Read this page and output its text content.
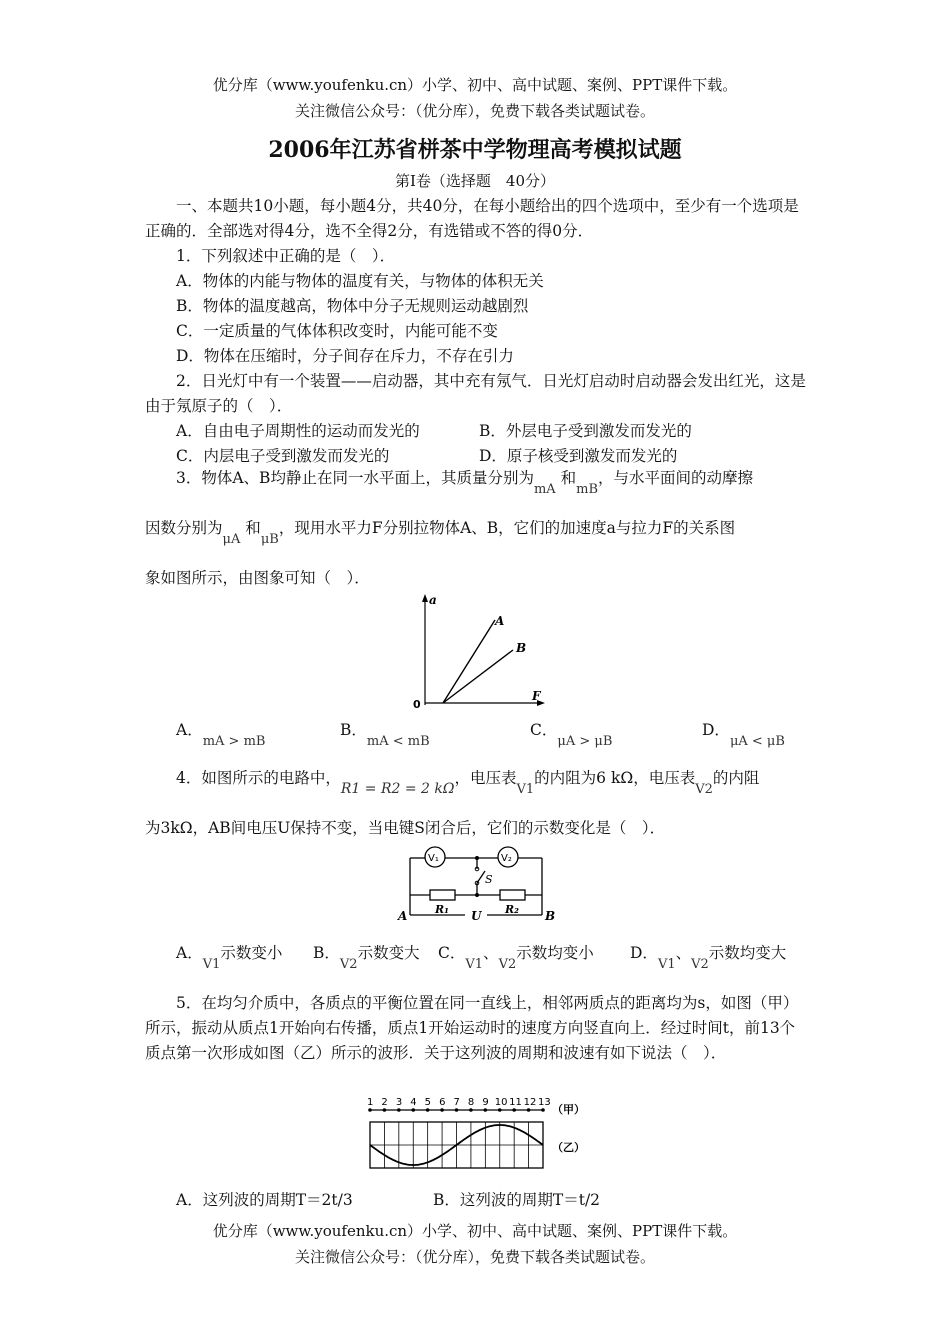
优分库（www.youfenku.cn）小学、初中、高中试题、案例、PPT课件下载。
关注微信公众号：（优分库），免费下载各类试题试卷。
2006年江苏省栟茶中学物理高考模拟试题
第Ⅰ卷（选择题　40分）
一、本题共10小题，每小题4分，共40分，在每小题给出的四个选项中，至少有一个选项是正确的．全部选对得4分，选不全得2分，有选错或不答的得0分．
1．下列叙述中正确的是（　）．
A．物体的内能与物体的温度有关，与物体的体积无关
B．物体的温度越高，物体中分子无规则运动越剧烈
C．一定质量的气体体积改变时，内能可能不变
D．物体在压缩时，分子间存在斥力，不存在引力
2．日光灯中有一个装置——启动器，其中充有氖气．日光灯启动时启动器会发出红光，这是由于氖原子的（　）．
A．自由电子周期性的运动而发光的	B．外层电子受到激发而发光的
C．内层电子受到激发而发光的	D．原子核受到激发而发光的
3．物体A、B均静止在同一水平面上，其质量分别为$_{mA}$ 和$_{mB}$，与水平面间的动摩擦
因数分别为$_{\mu A}$ 和$_{\mu B}$，现用水平力F分别拉物体A、B，它们的加速度a与拉力F的关系图
象如图所示，由图象可知（　）．
a
F
0
A
B
A．$_{mA > mB}$
B．$_{mA < mB}$
C．$_{\mu A > \mu B}$
D．$_{\mu A < \mu B}$
4．如图所示的电路中，R1 = R2 = 2 kΩ，电压表$_{V1}$的内阻为6 kΩ，电压表$_{V2}$的内阻
为3kΩ，AB间电压U保持不变，当电键S闭合后，它们的示数变化是（　）．
V₁	V₂
S
R₁	R₂
A	B
U
A．$_{V1}$示数变小 B．$_{V2}$示数变大 C．$_{V1}$、$_{V2}$示数均变小 D．$_{V1}$、$_{V2}$示数均变大
5．在均匀介质中，各质点的平衡位置在同一直线上，相邻两质点的距离均为s，如图（甲）所示，振动从质点1开始向右传播，质点1开始运动时的速度方向竖直向上．经过时间t，前13个质点第一次形成如图（乙）所示的波形．关于这列波的周期和波速有如下说法（　）．
1 2 3 4 5 6 7 8 9 10 11 12 13
（甲）
（乙）
A．这列波的周期T＝2t/3	B．这列波的周期T＝t/2
优分库（www.youfenku.cn）小学、初中、高中试题、案例、PPT课件下载。
关注微信公众号：（优分库），免费下载各类试题试卷。
